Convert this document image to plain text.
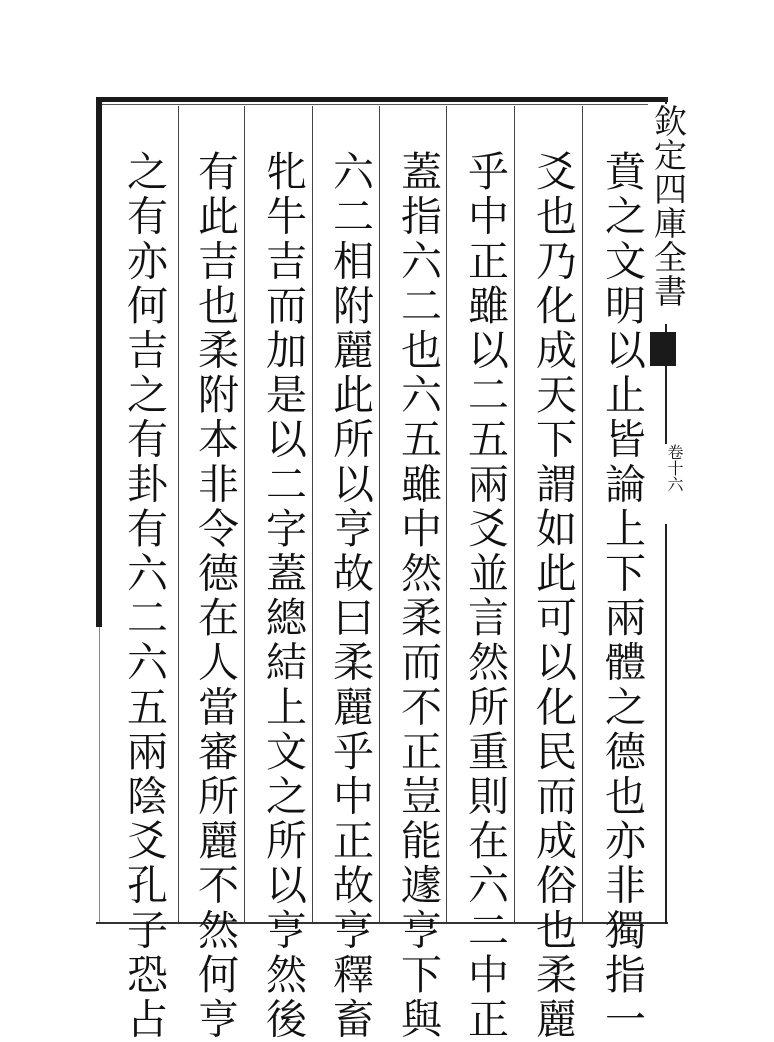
欽定四庫全書
卷十六
賁之文明以止皆論上下兩體之德也亦非獨指一
爻也乃化成天下謂如此可以化民而成俗也柔麗
乎中正雖以二五兩爻並言然所重則在六二中正
蓋指六二也六五雖中然柔而不正豈能遽亨下與
六二相附麗此所以亨故曰柔麗乎中正故亨釋畜
牝牛吉而加是以二字蓋總結上文之所以亨然後
有此吉也柔附本非令德在人當審所麗不然何亨
之有亦何吉之有卦有六二六五兩陰爻孔子恐占
